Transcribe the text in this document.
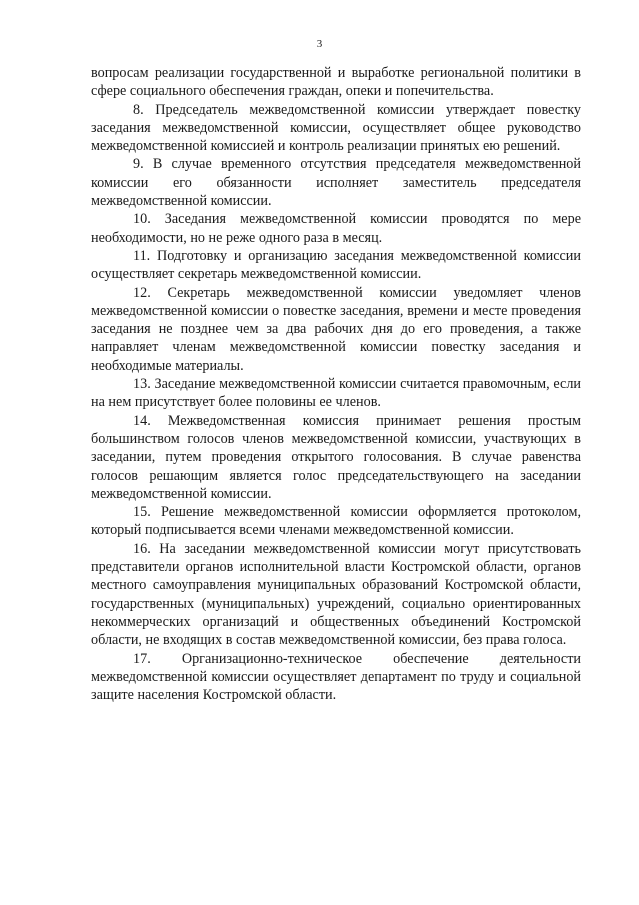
3

вопросам реализации государственной и выработке региональной политики в сфере социального обеспечения граждан, опеки и попечительства.

8. Председатель межведомственной комиссии утверждает повестку заседания межведомственной комиссии, осуществляет общее руководство межведомственной комиссией и контроль реализации принятых ею решений.

9. В случае временного отсутствия председателя межведомственной комиссии его обязанности исполняет заместитель председателя межведомственной комиссии.

10. Заседания межведомственной комиссии проводятся по мере необходимости, но не реже одного раза в месяц.

11. Подготовку и организацию заседания межведомственной комиссии осуществляет секретарь межведомственной комиссии.

12. Секретарь межведомственной комиссии уведомляет членов межведомственной комиссии о повестке заседания, времени и месте проведения заседания не позднее чем за два рабочих дня до его проведения, а также направляет членам межведомственной комиссии повестку заседания и необходимые материалы.

13. Заседание межведомственной комиссии считается правомочным, если на нем присутствует более половины ее членов.

14. Межведомственная комиссия принимает решения простым большинством голосов членов межведомственной комиссии, участвующих в заседании, путем проведения открытого голосования. В случае равенства голосов решающим является голос председательствующего на заседании межведомственной комиссии.

15. Решение межведомственной комиссии оформляется протоколом, который подписывается всеми членами межведомственной комиссии.

16. На заседании межведомственной комиссии могут присутствовать представители органов исполнительной власти Костромской области, органов местного самоуправления муниципальных образований Костромской области, государственных (муниципальных) учреждений, социально ориентированных некоммерческих организаций и общественных объединений Костромской области, не входящих в состав межведомственной комиссии, без права голоса.

17. Организационно-техническое обеспечение деятельности межведомственной комиссии осуществляет департамент по труду и социальной защите населения Костромской области.
